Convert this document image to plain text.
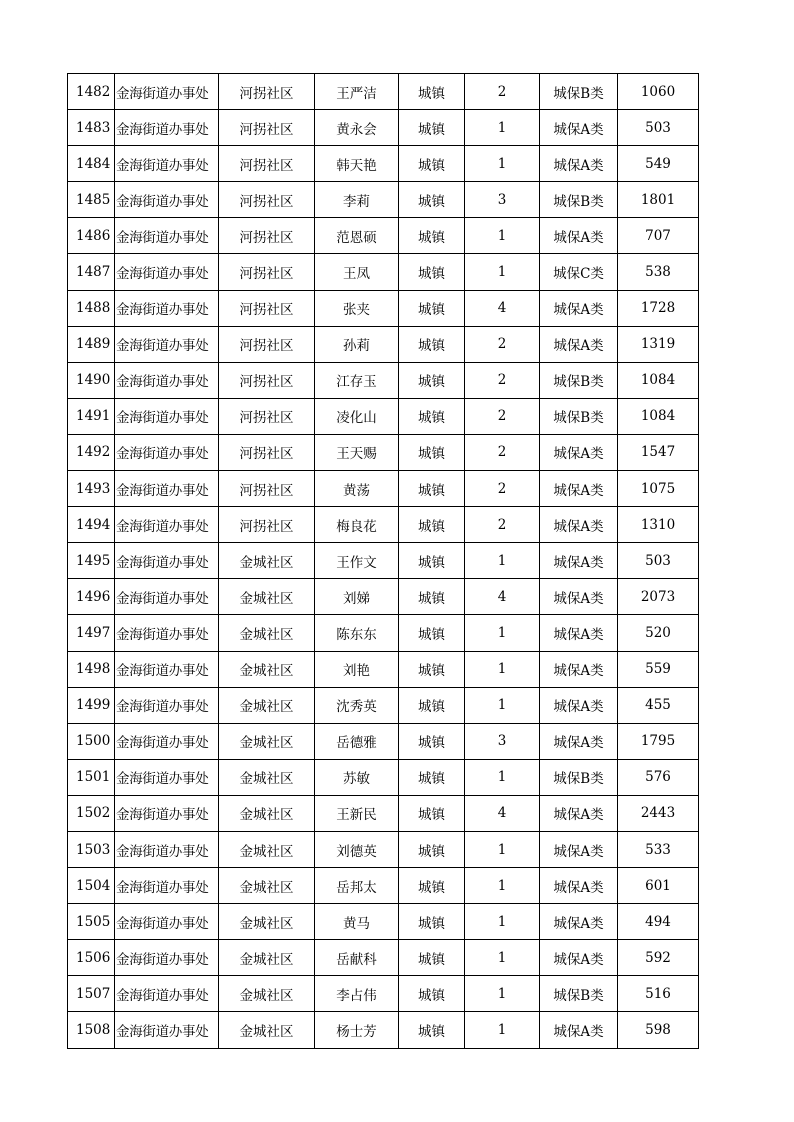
1482	金海街道办事处	河拐社区	王严洁	城镇	2	城保B类	1060
1483	金海街道办事处	河拐社区	黄永会	城镇	1	城保A类	503
1484	金海街道办事处	河拐社区	韩天艳	城镇	1	城保A类	549
1485	金海街道办事处	河拐社区	李莉	城镇	3	城保B类	1801
1486	金海街道办事处	河拐社区	范恩硕	城镇	1	城保A类	707
1487	金海街道办事处	河拐社区	王凤	城镇	1	城保C类	538
1488	金海街道办事处	河拐社区	张夹	城镇	4	城保A类	1728
1489	金海街道办事处	河拐社区	孙莉	城镇	2	城保A类	1319
1490	金海街道办事处	河拐社区	江存玉	城镇	2	城保B类	1084
1491	金海街道办事处	河拐社区	凌化山	城镇	2	城保B类	1084
1492	金海街道办事处	河拐社区	王天赐	城镇	2	城保A类	1547
1493	金海街道办事处	河拐社区	黄荡	城镇	2	城保A类	1075
1494	金海街道办事处	河拐社区	梅良花	城镇	2	城保A类	1310
1495	金海街道办事处	金城社区	王作文	城镇	1	城保A类	503
1496	金海街道办事处	金城社区	刘娣	城镇	4	城保A类	2073
1497	金海街道办事处	金城社区	陈东东	城镇	1	城保A类	520
1498	金海街道办事处	金城社区	刘艳	城镇	1	城保A类	559
1499	金海街道办事处	金城社区	沈秀英	城镇	1	城保A类	455
1500	金海街道办事处	金城社区	岳德雅	城镇	3	城保A类	1795
1501	金海街道办事处	金城社区	苏敏	城镇	1	城保B类	576
1502	金海街道办事处	金城社区	王新民	城镇	4	城保A类	2443
1503	金海街道办事处	金城社区	刘德英	城镇	1	城保A类	533
1504	金海街道办事处	金城社区	岳邦太	城镇	1	城保A类	601
1505	金海街道办事处	金城社区	黄马	城镇	1	城保A类	494
1506	金海街道办事处	金城社区	岳献科	城镇	1	城保A类	592
1507	金海街道办事处	金城社区	李占伟	城镇	1	城保B类	516
1508	金海街道办事处	金城社区	杨士芳	城镇	1	城保A类	598
